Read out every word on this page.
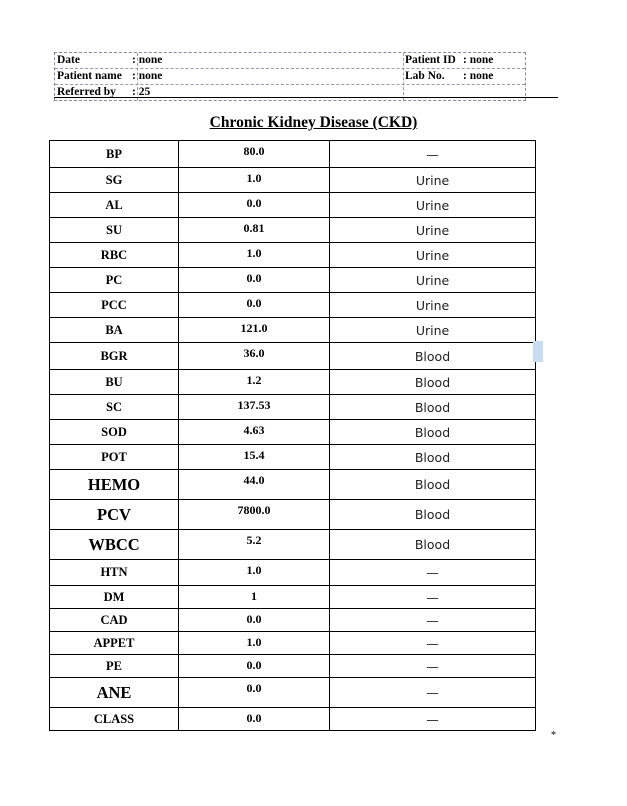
Date	: none	Patient ID : none
Patient name : none	Lab No. : none
Referred by : 25
Chronic Kidney Disease (CKD)
BP	80.0	—
SG	1.0	Urine
AL	0.0	Urine
SU	0.81	Urine
RBC	1.0	Urine
PC	0.0	Urine
PCC	0.0	Urine
BA	121.0	Urine
BGR	36.0	Blood
BU	1.2	Blood
SC	137.53	Blood
SOD	4.63	Blood
POT	15.4	Blood
HEMO	44.0	Blood
PCV	7800.0	Blood
WBCC	5.2	Blood
HTN	1.0	—
DM	1	—
CAD	0.0	—
APPET	1.0	—
PE	0.0	—
ANE	0.0	—
CLASS	0.0	—
*
